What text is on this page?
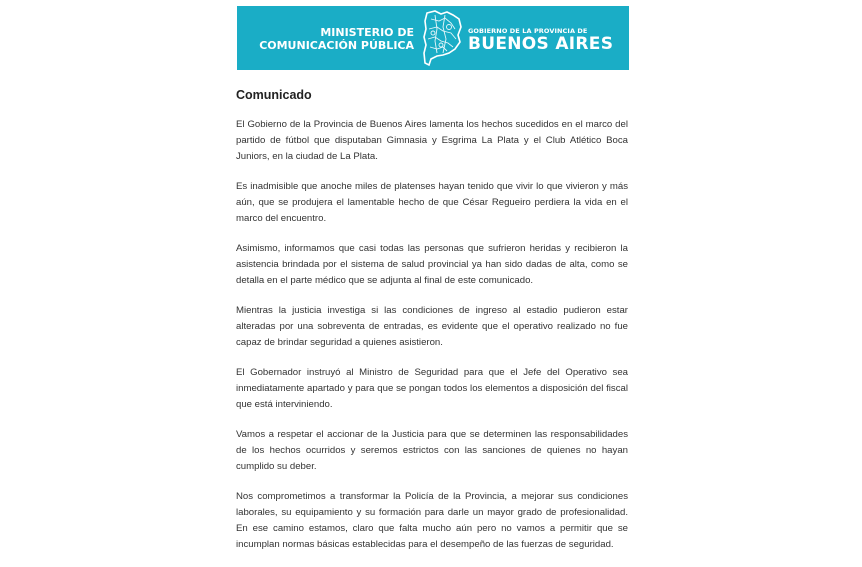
MINISTERIO DE
COMUNICACIÓN PÚBLICA
GOBIERNO DE LA PROVINCIA DE
BUENOS AIRES
Comunicado

El Gobierno de la Provincia de Buenos Aires lamenta los hechos sucedidos en el marco del partido de fútbol que disputaban Gimnasia y Esgrima La Plata y el Club Atlético Boca Juniors, en la ciudad de La Plata.

Es inadmisible que anoche miles de platenses hayan tenido que vivir lo que vivieron y más aún, que se produjera el lamentable hecho de que César Regueiro perdiera la vida en el marco del encuentro.

Asimismo, informamos que casi todas las personas que sufrieron heridas y recibieron la asistencia brindada por el sistema de salud provincial ya han sido dadas de alta, como se detalla en el parte médico que se adjunta al final de este comunicado.

Mientras la justicia investiga si las condiciones de ingreso al estadio pudieron estar alteradas por una sobreventa de entradas, es evidente que el operativo realizado no fue capaz de brindar seguridad a quienes asistieron.

El Gobernador instruyó al Ministro de Seguridad para que el Jefe del Operativo sea inmediatamente apartado y para que se pongan todos los elementos a disposición del fiscal que está interviniendo.

Vamos a respetar el accionar de la Justicia para que se determinen las responsabilidades de los hechos ocurridos y seremos estrictos con las sanciones de quienes no hayan cumplido su deber.

Nos comprometimos a transformar la Policía de la Provincia, a mejorar sus condiciones laborales, su equipamiento y su formación para darle un mayor grado de profesionalidad. En ese camino estamos, claro que falta mucho aún pero no vamos a permitir que se incumplan normas básicas establecidas para el desempeño de las fuerzas de seguridad.
